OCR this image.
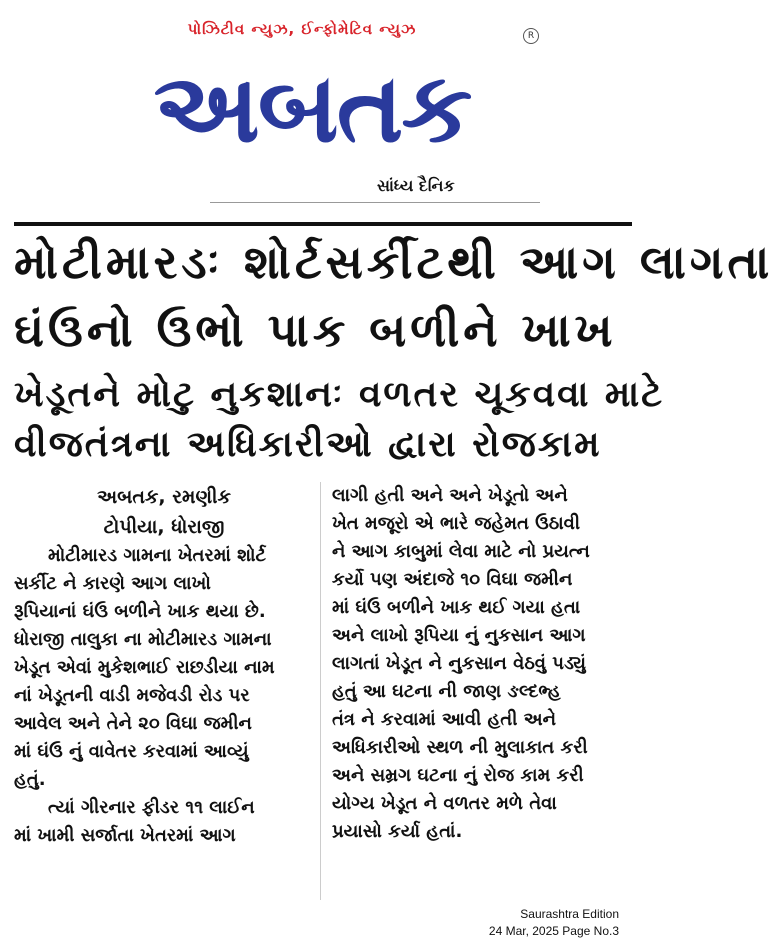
પોઝિટીવ ન્યુઝ, ઈન્ફોમેટિવ ન્યુઝ	R
અબતક
સાંધ્ય દૈનિક
મોટીમારડઃ શોર્ટસર્કીટથી આગ લાગતા
ઘંઉનો ઉભો પાક બળીને ખાખ
ખેડૂતને મોટુ નુકશાનઃ વળતર ચૂકવવા માટે
વીજતંત્રના અધિકારીઓ દ્વારા રોજકામ
અબતક, રમણીક
ટોપીયા, ધોરાજી

મોટીમારડ ગામના ખેતરમાં શોર્ટ

સર્કીટ ને કારણે આગ લાખો

રૂપિયાનાં ઘંઉ બળીને ખાક થયા છે.

ધોરાજી તાલુકા ના મોટીમારડ ગામના

ખેડૂત એવાં મુકેશભાઈ રાછડીયા નામ

નાં ખેડૂતની વાડી મજેવડી રોડ પર

આવેલ અને તેને ૨૦ વિઘા જમીન

માં ઘંઉ નું વાવેતર કરવામાં આવ્યું

હતું.

ત્યાં ગીરનાર ફીડર ૧૧ લાઈન

માં ખામી સર્જાતા ખેતરમાં આગ

લાગી હતી અને અને ખેડૂતો અને

ખેત મજૂરો એ ભારે જહેમત ઉઠાવી

ને આગ કાબુમાં લેવા માટે નો પ્રયત્ન

કર્યો પણ અંદાજે ૧૦ વિઘા જમીન

માં ઘંઉ બળીને ખાક થઈ ગયા હતા

અને લાખો રૂપિયા નું નુકસાન આગ

લાગતાં ખેડૂત ને નુકસાન વેઠવું પડ્યું

હતું આ ઘટના ની જાણ ઙલ્દભ્હ

તંત્ર ને કરવામાં આવી હતી અને

અધિકારીઓ સ્થળ ની મુલાકાત કરી

અને સમ્રગ ઘટના નું રોજ કામ કરી

યોગ્ય ખેડૂત ને વળતર મળે તેવા

પ્રયાસો કર્યા હતાં.

Saurashtra Edition
24 Mar, 2025 Page No.3
